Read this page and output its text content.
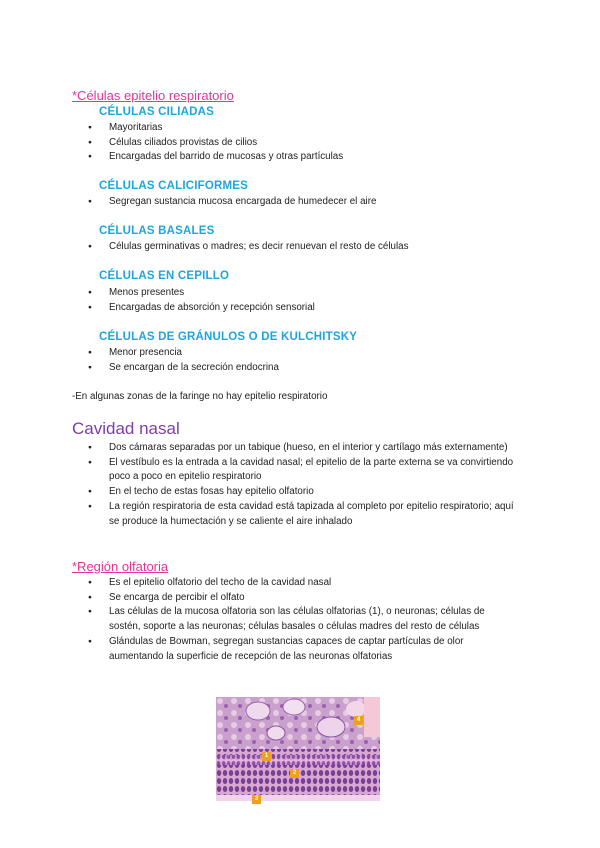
*Células epitelio respiratorio
CÉLULAS CILIADAS
● Mayoritarias
● Células ciliados provistas de cilios
● Encargadas del barrido de mucosas y otras partículas
CÉLULAS CALICIFORMES
● Segregan sustancia mucosa encargada de humedecer el aire
CÉLULAS BASALES
● Células germinativas o madres; es decir renuevan el resto de células
CÉLULAS EN CEPILLO
● Menos presentes
● Encargadas de absorción y recepción sensorial
CÉLULAS DE GRÁNULOS O DE KULCHITSKY
● Menor presencia
● Se encargan de la secreción endocrina
-En algunas zonas de la faringe no hay epitelio respiratorio
Cavidad nasal
● Dos cámaras separadas por un tabique (hueso, en el interior y cartílago más externamente)
● El vestíbulo es la entrada a la cavidad nasal; el epitelio de la parte externa se va convirtiendo poco a poco en epitelio respiratorio
● En el techo de estas fosas hay epitelio olfatorio
● La región respiratoria de esta cavidad está tapizada al completo por epitelio respiratorio; aquí se produce la humectación y se caliente el aire inhalado
*Región olfatoria
● Es el epitelio olfatorio del techo de la cavidad nasal
● Se encarga de percibir el olfato
● Las células de la mucosa olfatoria son las células olfatorias (1), o neuronas; células de sostén, soporte a las neuronas; células basales o células madres del resto de células
● Glándulas de Bowman, segregan sustancias capaces de captar partículas de olor aumentando la superficie de recepción de las neuronas olfatorias
4
1
2
3
